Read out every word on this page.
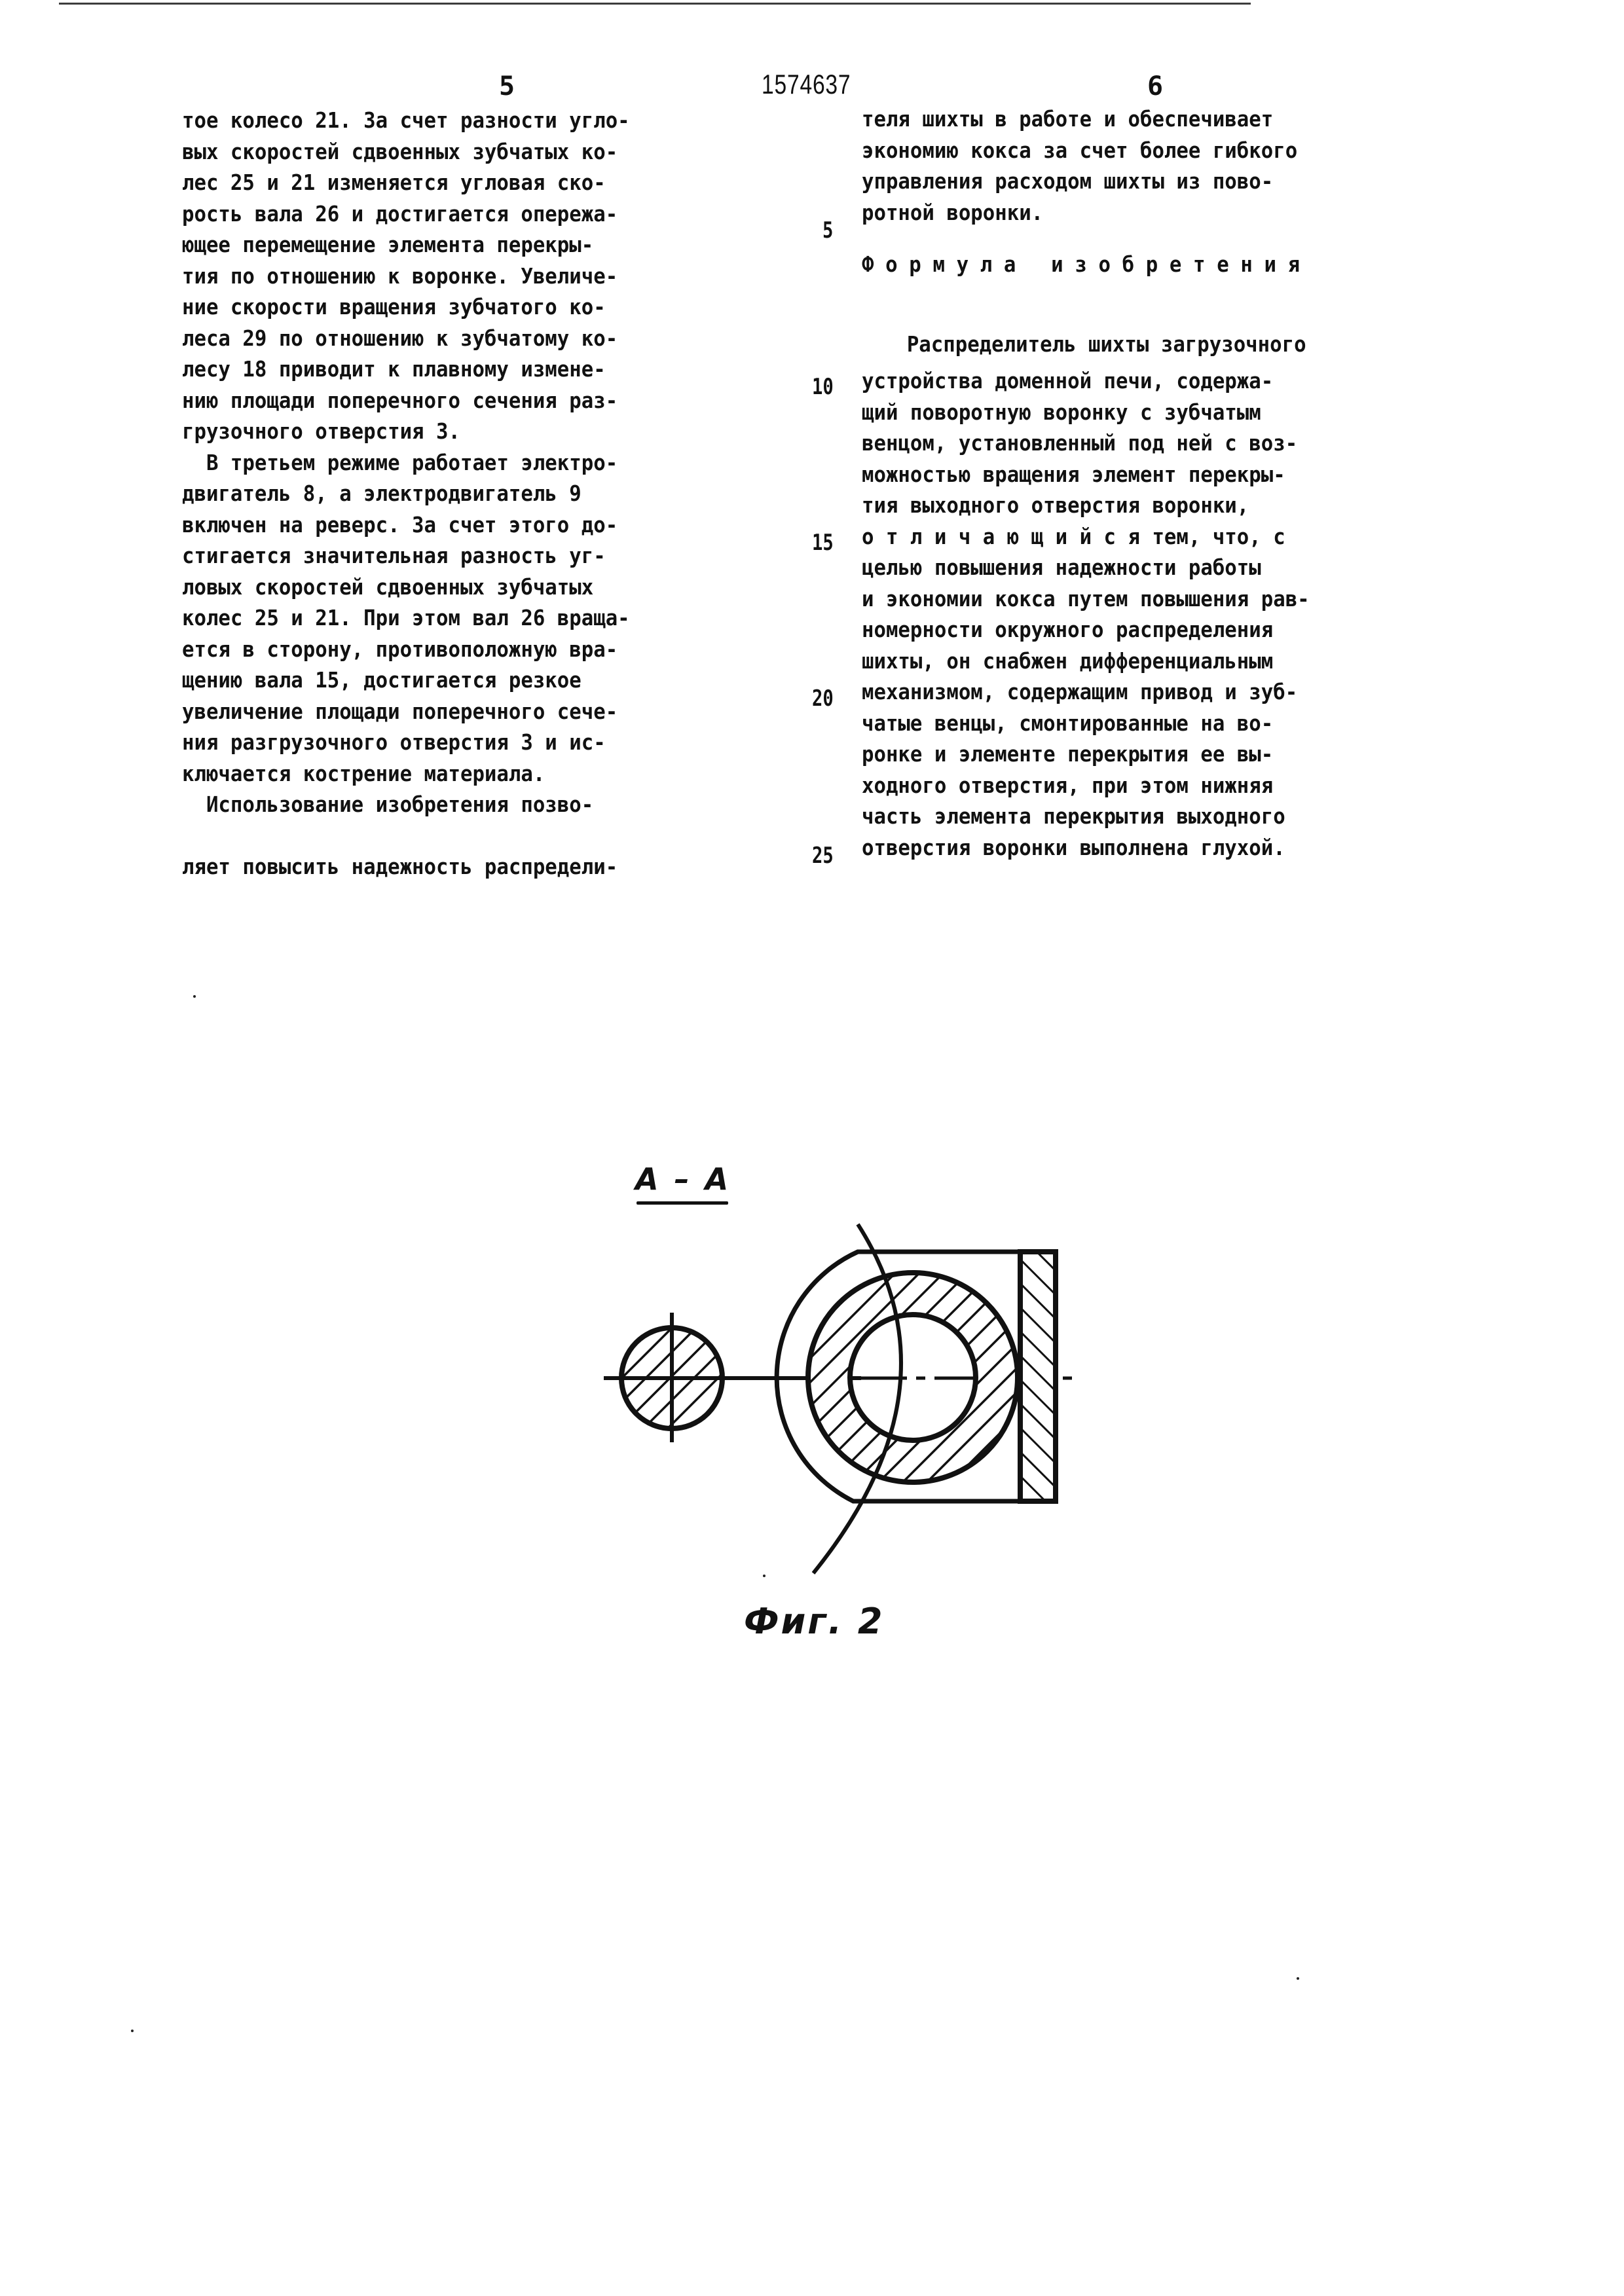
5	1574637	6

тое колесо 21. За счет разности угло-

вых скоростей сдвоенных зубчатых ко-

лес 25 и 21 изменяется угловая ско-

рость вала 26 и достигается опережа-

ющее перемещение элемента перекры-

тия по отношению к воронке. Увеличе-

ние скорости вращения зубчатого ко-

леса 29 по отношению к зубчатому ко-

лесу 18 приводит к плавному измене-

нию площади поперечного сечения раз-

грузочного отверстия 3.

В третьем режиме работает электро-

двигатель 8, а электродвигатель 9

включен на реверс. За счет этого до-

стигается значительная разность уг-

ловых скоростей сдвоенных зубчатых

колес 25 и 21. При этом вал 26 враща-

ется в сторону, противоположную вра-

щению вала 15, достигается резкое

увеличение площади поперечного сече-

ния разгрузочного отверстия 3 и ис-

ключается кострение материала.

Использование изобретения позво-

ляет повысить надежность распредели-

теля шихты в работе и обеспечивает

экономию кокса за счет более гибкого

управления расходом шихты из пово-

ротной воронки.

Формула изобретения

Распределитель шихты загрузочного

устройства доменной печи, содержа-

щий поворотную воронку с зубчатым

венцом, установленный под ней с воз-

можностью вращения элемент перекры-

тия выходного отверстия воронки,

о т л и ч а ю щ и й с я тем, что, с

целью повышения надежности работы

и экономии кокса путем повышения рав-

номерности окружного распределения

шихты, он снабжен дифференциальным

механизмом, содержащим привод и зуб-

чатые венцы, смонтированные на во-

ронке и элементе перекрытия ее вы-

ходного отверстия, при этом нижняя

часть элемента перекрытия выходного

отверстия воронки выполнена глухой.

5
10
15
20
25
А – А
Фиг. 2
